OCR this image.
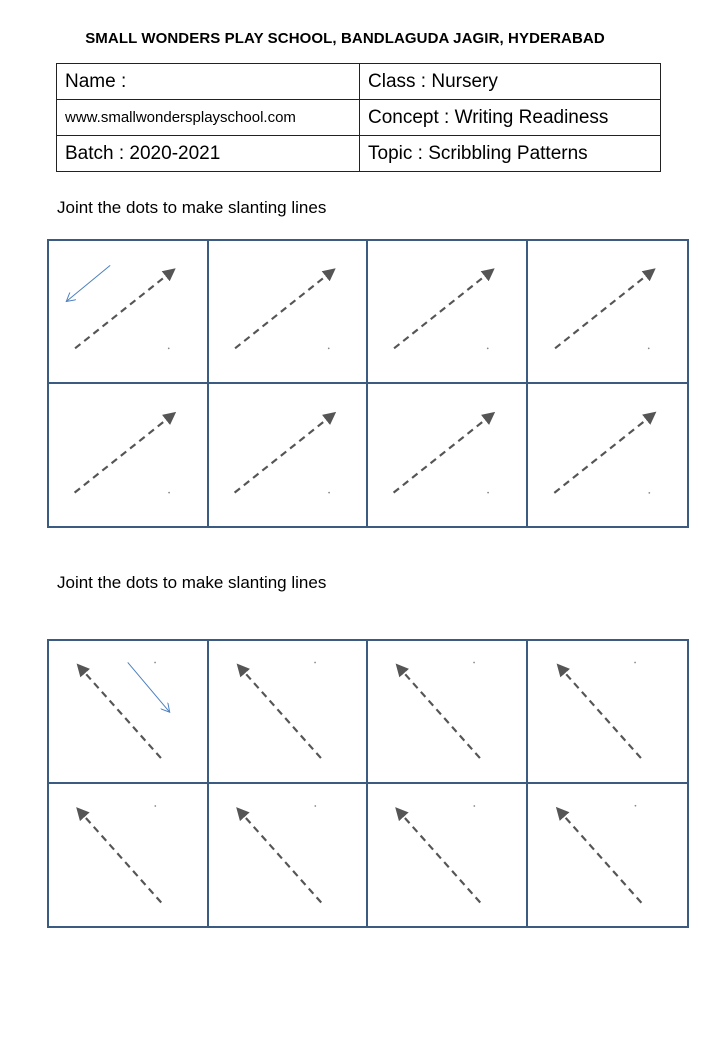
SMALL WONDERS PLAY SCHOOL, BANDLAGUDA JAGIR, HYDERABAD
Name :	Class : Nursery
www.smallwondersplayschool.com	Concept : Writing Readiness
Batch : 2020-2021	Topic : Scribbling Patterns
Joint the dots to make slanting lines
Joint the dots to make slanting lines
